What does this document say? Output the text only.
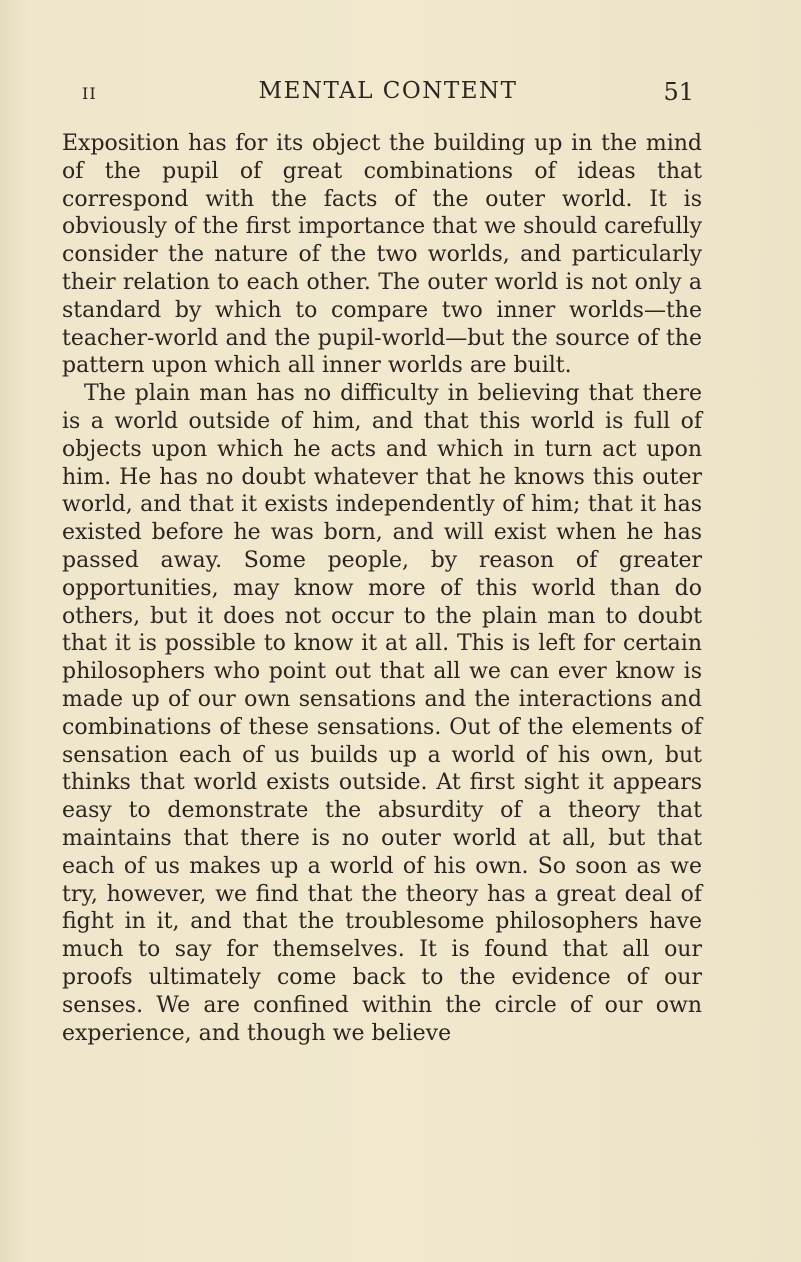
II	MENTAL CONTENT	51

Exposition has for its object the building up in the mind of the pupil of great combinations of ideas that correspond with the facts of the outer world. It is obviously of the first importance that we should carefully consider the nature of the two worlds, and particularly their relation to each other. The outer world is not only a standard by which to compare two inner worlds—the teacher-world and the pupil-world—but the source of the pattern upon which all inner worlds are built.

The plain man has no difficulty in believing that there is a world outside of him, and that this world is full of objects upon which he acts and which in turn act upon him. He has no doubt whatever that he knows this outer world, and that it exists independently of him; that it has existed before he was born, and will exist when he has passed away. Some people, by reason of greater opportunities, may know more of this world than do others, but it does not occur to the plain man to doubt that it is possible to know it at all. This is left for certain philosophers who point out that all we can ever know is made up of our own sensations and the interactions and combinations of these sensations. Out of the elements of sensation each of us builds up a world of his own, but thinks that world exists outside. At first sight it appears easy to demonstrate the absurdity of a theory that maintains that there is no outer world at all, but that each of us makes up a world of his own. So soon as we try, however, we find that the theory has a great deal of fight in it, and that the troublesome philosophers have much to say for themselves. It is found that all our proofs ultimately come back to the evidence of our senses. We are confined within the circle of our own experience, and though we believe
